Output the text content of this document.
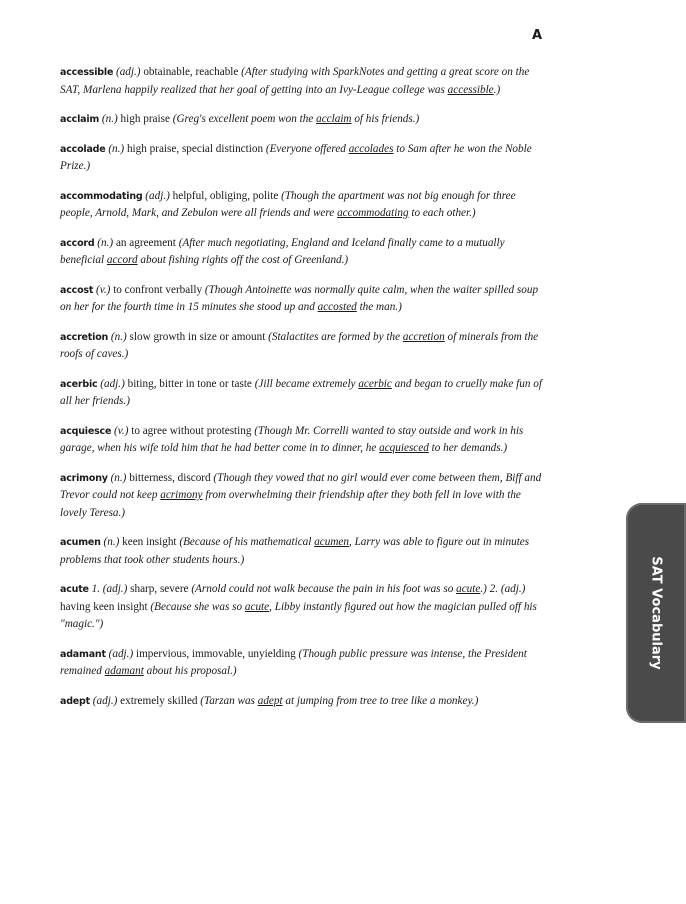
A

accessible (adj.) obtainable, reachable (After studying with SparkNotes and getting a great score on the SAT, Marlena happily realized that her goal of getting into an Ivy-League college was accessible.)

acclaim (n.) high praise (Greg's excellent poem won the acclaim of his friends.)

accolade (n.) high praise, special distinction (Everyone offered accolades to Sam after he won the Noble Prize.)

accommodating (adj.) helpful, obliging, polite (Though the apartment was not big enough for three people, Arnold, Mark, and Zebulon were all friends and were accommodating to each other.)

accord (n.) an agreement (After much negotiating, England and Iceland finally came to a mutually beneficial accord about fishing rights off the cost of Greenland.)

accost (v.) to confront verbally (Though Antoinette was normally quite calm, when the waiter spilled soup on her for the fourth time in 15 minutes she stood up and accosted the man.)

accretion (n.) slow growth in size or amount (Stalactites are formed by the accretion of minerals from the roofs of caves.)

acerbic (adj.) biting, bitter in tone or taste (Jill became extremely acerbic and began to cruelly make fun of all her friends.)

acquiesce (v.) to agree without protesting (Though Mr. Correlli wanted to stay outside and work in his garage, when his wife told him that he had better come in to dinner, he acquiesced to her demands.)

acrimony (n.) bitterness, discord (Though they vowed that no girl would ever come between them, Biff and Trevor could not keep acrimony from overwhelming their friendship after they both fell in love with the lovely Teresa.)

acumen (n.) keen insight (Because of his mathematical acumen, Larry was able to figure out in minutes problems that took other students hours.)

acute 1. (adj.) sharp, severe (Arnold could not walk because the pain in his foot was so acute.) 2. (adj.) having keen insight (Because she was so acute, Libby instantly figured out how the magician pulled off his "magic.")

adamant (adj.) impervious, immovable, unyielding (Though public pressure was intense, the President remained adamant about his proposal.)

adept (adj.) extremely skilled (Tarzan was adept at jumping from tree to tree like a monkey.)

SAT Vocabulary
